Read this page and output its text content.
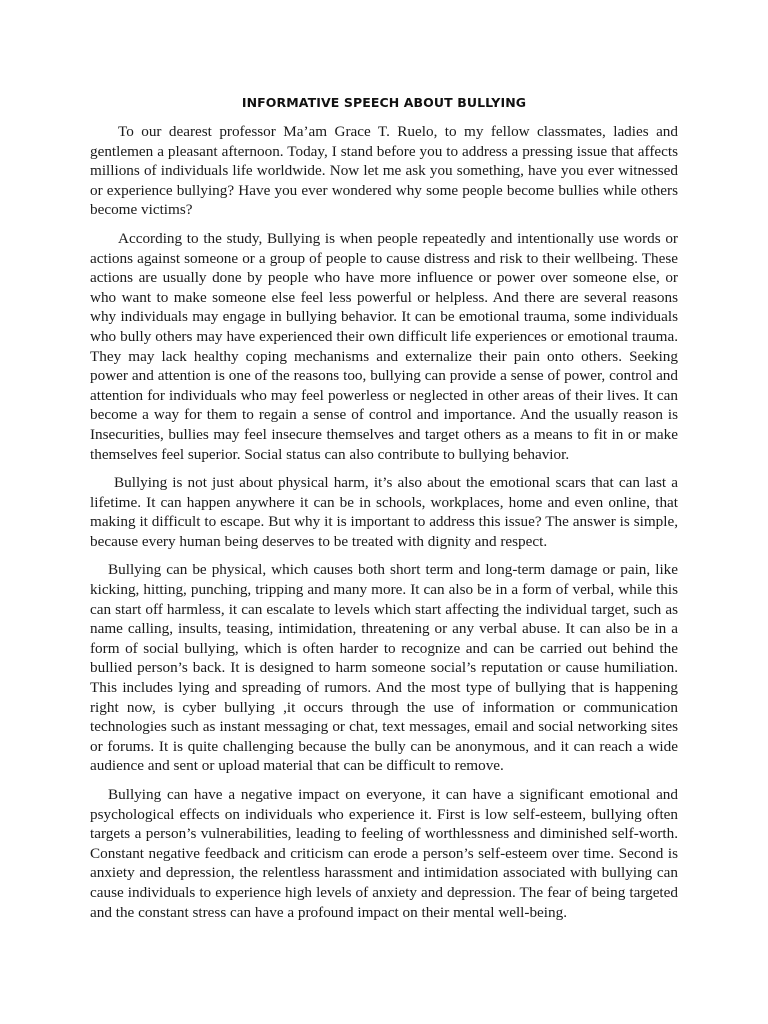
INFORMATIVE SPEECH ABOUT BULLYING

To our dearest professor Ma’am Grace T. Ruelo, to my fellow classmates, ladies and gentlemen a pleasant afternoon. Today, I stand before you to address a pressing issue that affects millions of individuals life worldwide. Now let me ask you something, have you ever witnessed or experience bullying? Have you ever wondered why some people become bullies while others become victims?

According to the study, Bullying is when people repeatedly and intentionally use words or actions against someone or a group of people to cause distress and risk to their wellbeing. These actions are usually done by people who have more influence or power over someone else, or who want to make someone else feel less powerful or helpless. And there are several reasons why individuals may engage in bullying behavior. It can be emotional trauma, some individuals who bully others may have experienced their own difficult life experiences or emotional trauma. They may lack healthy coping mechanisms and externalize their pain onto others. Seeking power and attention is one of the reasons too, bullying can provide a sense of power, control and attention for individuals who may feel powerless or neglected in other areas of their lives. It can become a way for them to regain a sense of control and importance. And the usually reason is Insecurities, bullies may feel insecure themselves and target others as a means to fit in or make themselves feel superior. Social status can also contribute to bullying behavior.

Bullying is not just about physical harm, it’s also about the emotional scars that can last a lifetime. It can happen anywhere it can be in schools, workplaces, home and even online, that making it difficult to escape. But why it is important to address this issue? The answer is simple, because every human being deserves to be treated with dignity and respect.

Bullying can be physical, which causes both short term and long-term damage or pain, like kicking, hitting, punching, tripping and many more. It can also be in a form of verbal, while this can start off harmless, it can escalate to levels which start affecting the individual target, such as name calling, insults, teasing, intimidation, threatening or any verbal abuse. It can also be in a form of social bullying, which is often harder to recognize and can be carried out behind the bullied person’s back. It is designed to harm someone social’s reputation or cause humiliation. This includes lying and spreading of rumors. And the most type of bullying that is happening right now, is cyber bullying ,it occurs through the use of information or communication technologies such as instant messaging or chat, text messages, email and social networking sites or forums. It is quite challenging because the bully can be anonymous, and it can reach a wide audience and sent or upload material that can be difficult to remove.

Bullying can have a negative impact on everyone, it can have a significant emotional and psychological effects on individuals who experience it. First is low self-esteem, bullying often targets a person’s vulnerabilities, leading to feeling of worthlessness and diminished self-worth. Constant negative feedback and criticism can erode a person’s self-esteem over time. Second is anxiety and depression, the relentless harassment and intimidation associated with bullying can cause individuals to experience high levels of anxiety and depression. The fear of being targeted and the constant stress can have a profound impact on their mental well-being.
